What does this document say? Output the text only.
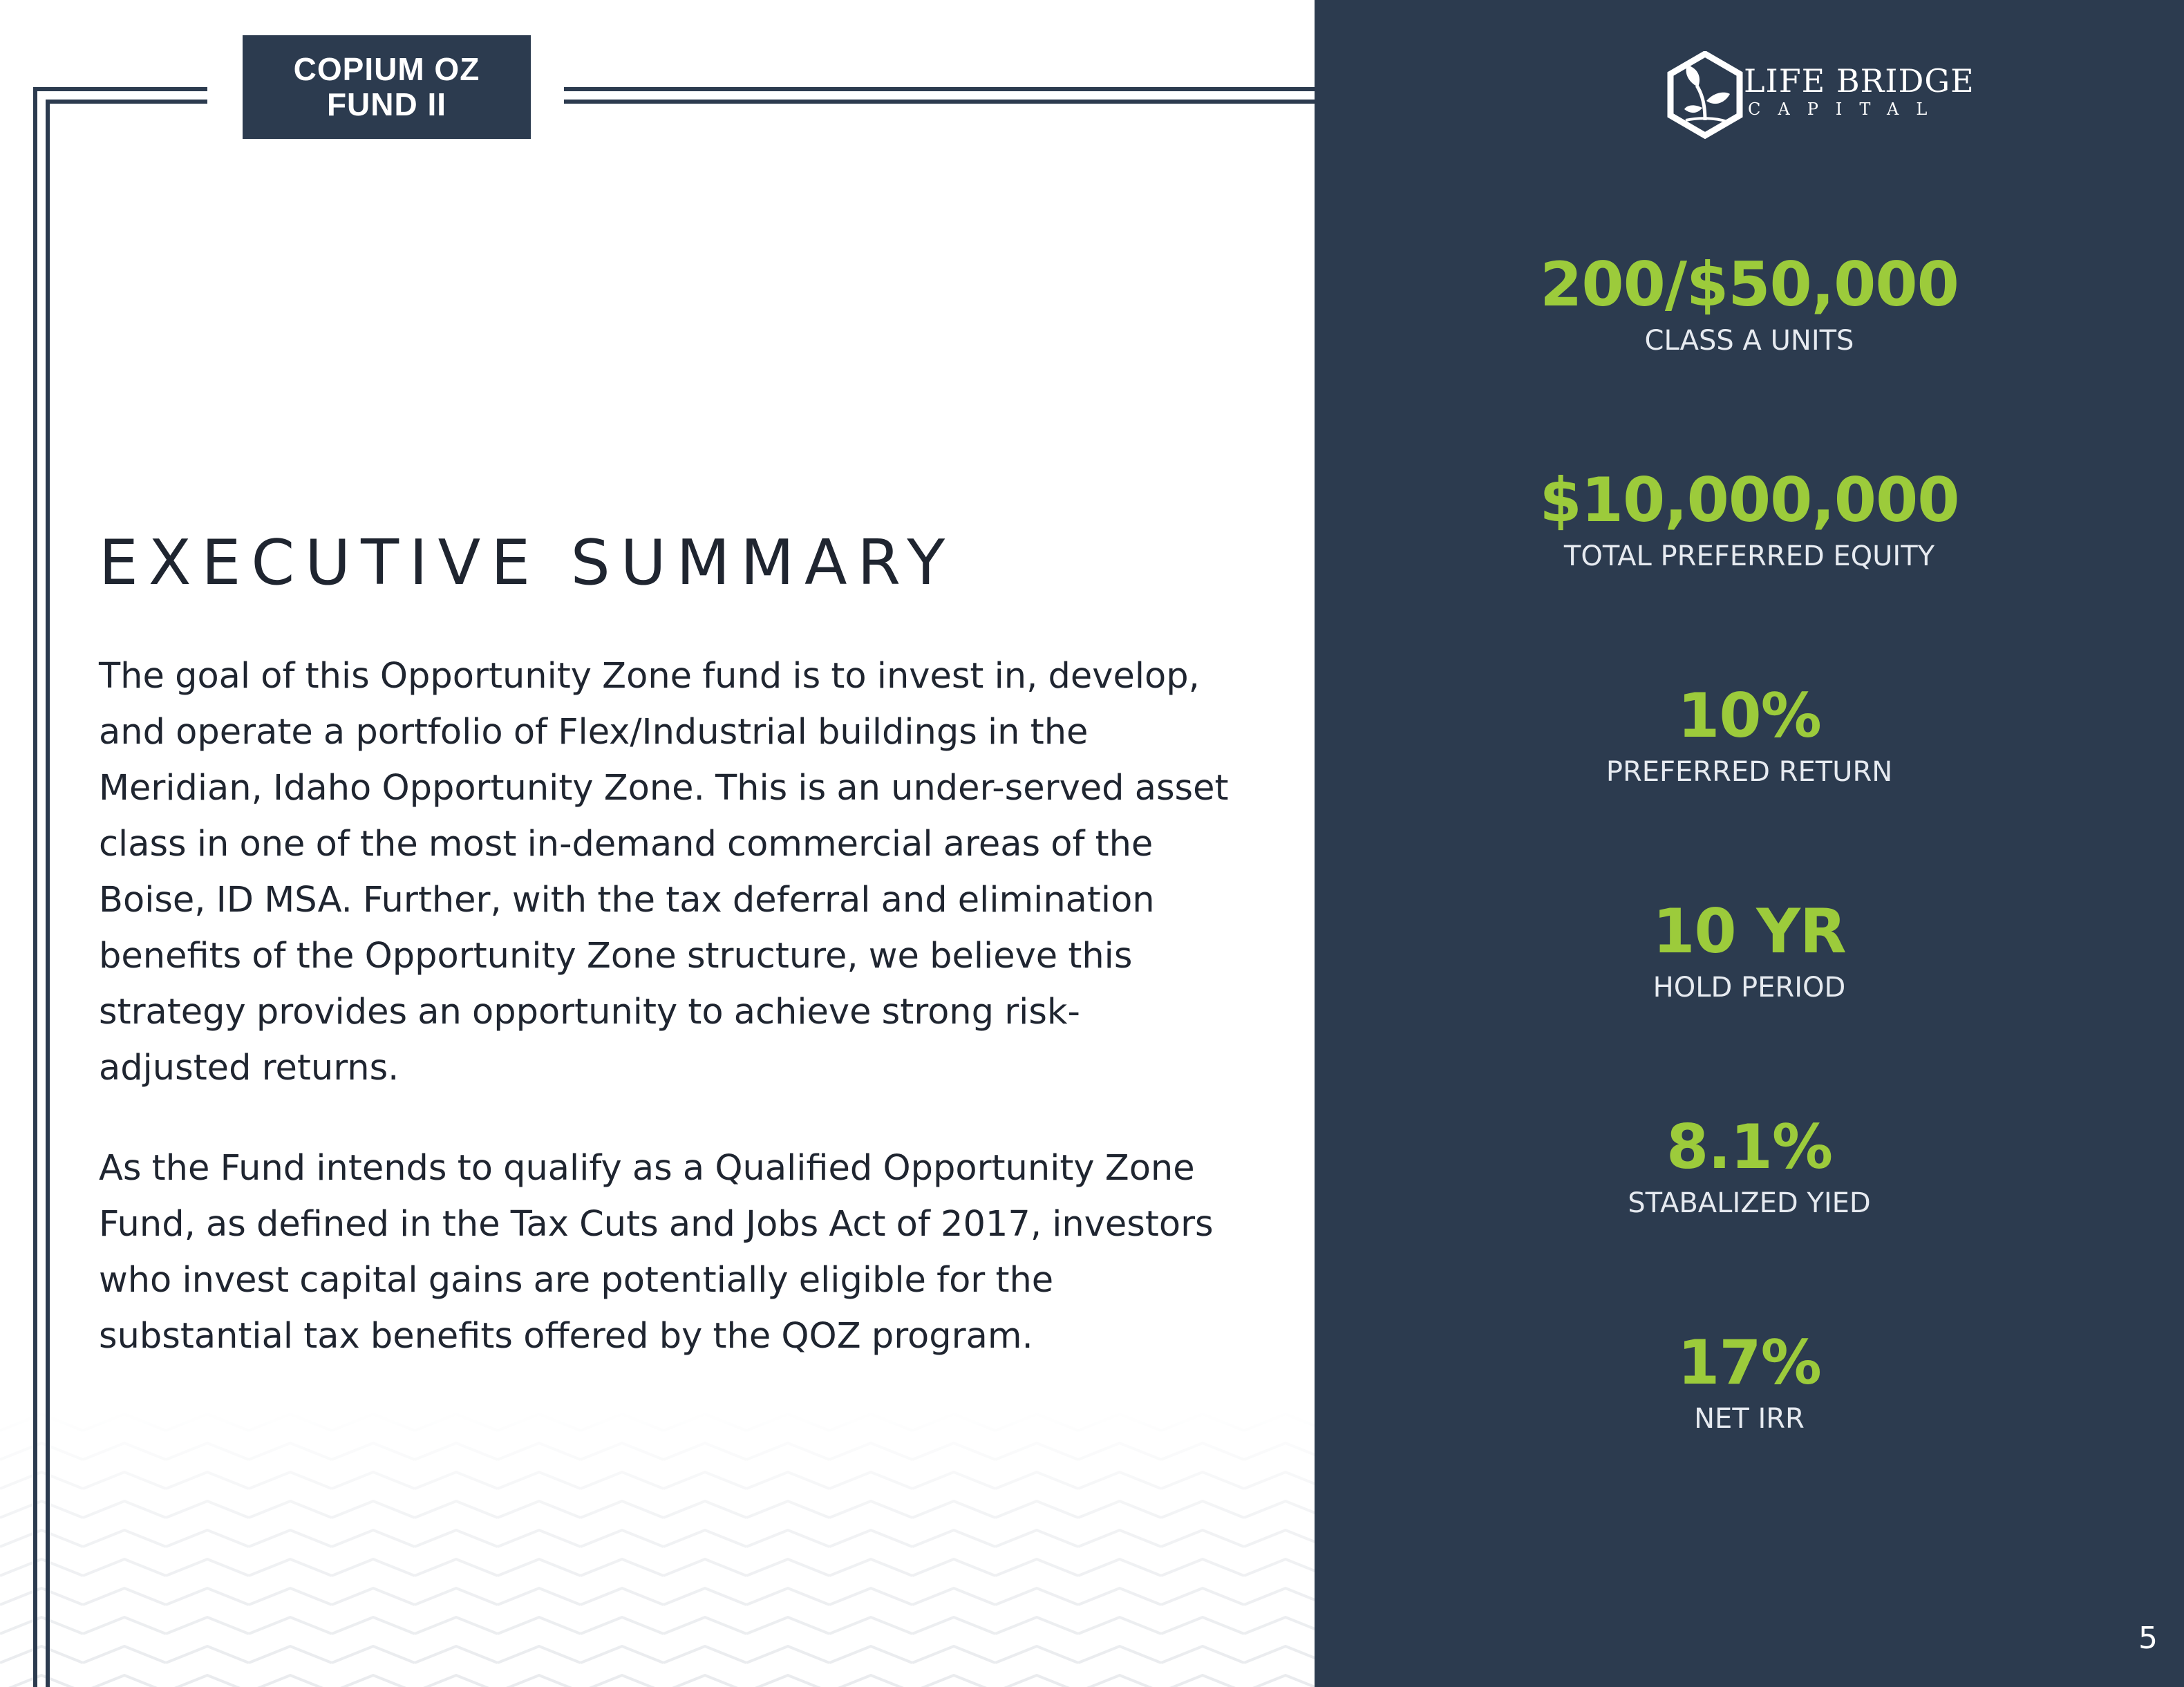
COPIUM OZ
FUND II
EXECUTIVE SUMMARY

The goal of this Opportunity Zone fund is to invest in, develop, and operate a portfolio of Flex/Industrial buildings in the Meridian, Idaho Opportunity Zone. This is an under-served asset class in one of the most in-demand commercial areas of the Boise, ID MSA. Further, with the tax deferral and elimination benefits of the Opportunity Zone structure, we believe this strategy provides an opportunity to achieve strong risk-adjusted returns.

As the Fund intends to qualify as a Qualified Opportunity Zone Fund, as defined in the Tax Cuts and Jobs Act of 2017, investors who invest capital gains are potentially eligible for the substantial tax benefits offered by the QOZ program.

LIFE BRIDGE
CAPITAL
200/$50,000
CLASS A UNITS
$10,000,000
TOTAL PREFERRED EQUITY
10%
PREFERRED RETURN
10 YR
HOLD PERIOD
8.1%
STABALIZED YIED
17%
NET IRR
5
